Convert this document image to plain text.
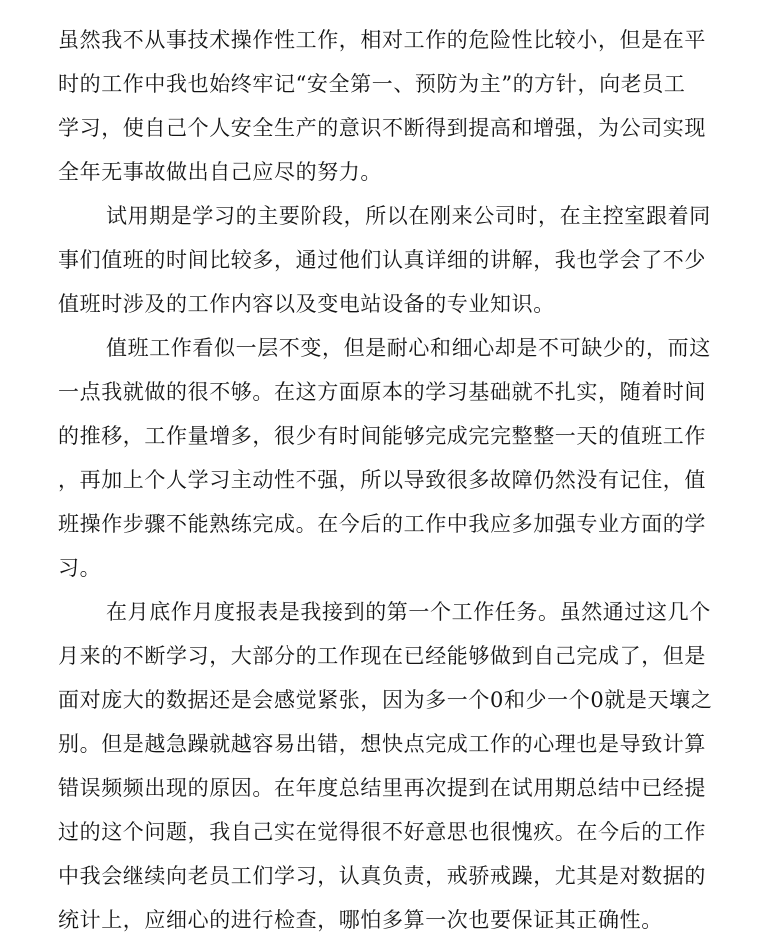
虽然我不从事技术操作性工作，相对工作的危险性比较小，但是在平
时的工作中我也始终牢记“安全第一、预防为主”的方针，向老员工
学习，使自己个人安全生产的意识不断得到提高和增强，为公司实现
全年无事故做出自己应尽的努力。
试用期是学习的主要阶段，所以在刚来公司时，在主控室跟着同
事们值班的时间比较多，通过他们认真详细的讲解，我也学会了不少
值班时涉及的工作内容以及变电站设备的专业知识。
值班工作看似一层不变，但是耐心和细心却是不可缺少的，而这
一点我就做的很不够。在这方面原本的学习基础就不扎实，随着时间
的推移，工作量增多，很少有时间能够完成完完整整一天的值班工作
，再加上个人学习主动性不强，所以导致很多故障仍然没有记住，值
班操作步骤不能熟练完成。在今后的工作中我应多加强专业方面的学
习。
在月底作月度报表是我接到的第一个工作任务。虽然通过这几个
月来的不断学习，大部分的工作现在已经能够做到自己完成了，但是
面对庞大的数据还是会感觉紧张，因为多一个0和少一个0就是天壤之
别。但是越急躁就越容易出错，想快点完成工作的心理也是导致计算
错误频频出现的原因。在年度总结里再次提到在试用期总结中已经提
过的这个问题，我自己实在觉得很不好意思也很愧疚。在今后的工作
中我会继续向老员工们学习，认真负责，戒骄戒躁，尤其是对数据的
统计上，应细心的进行检查，哪怕多算一次也要保证其正确性。
